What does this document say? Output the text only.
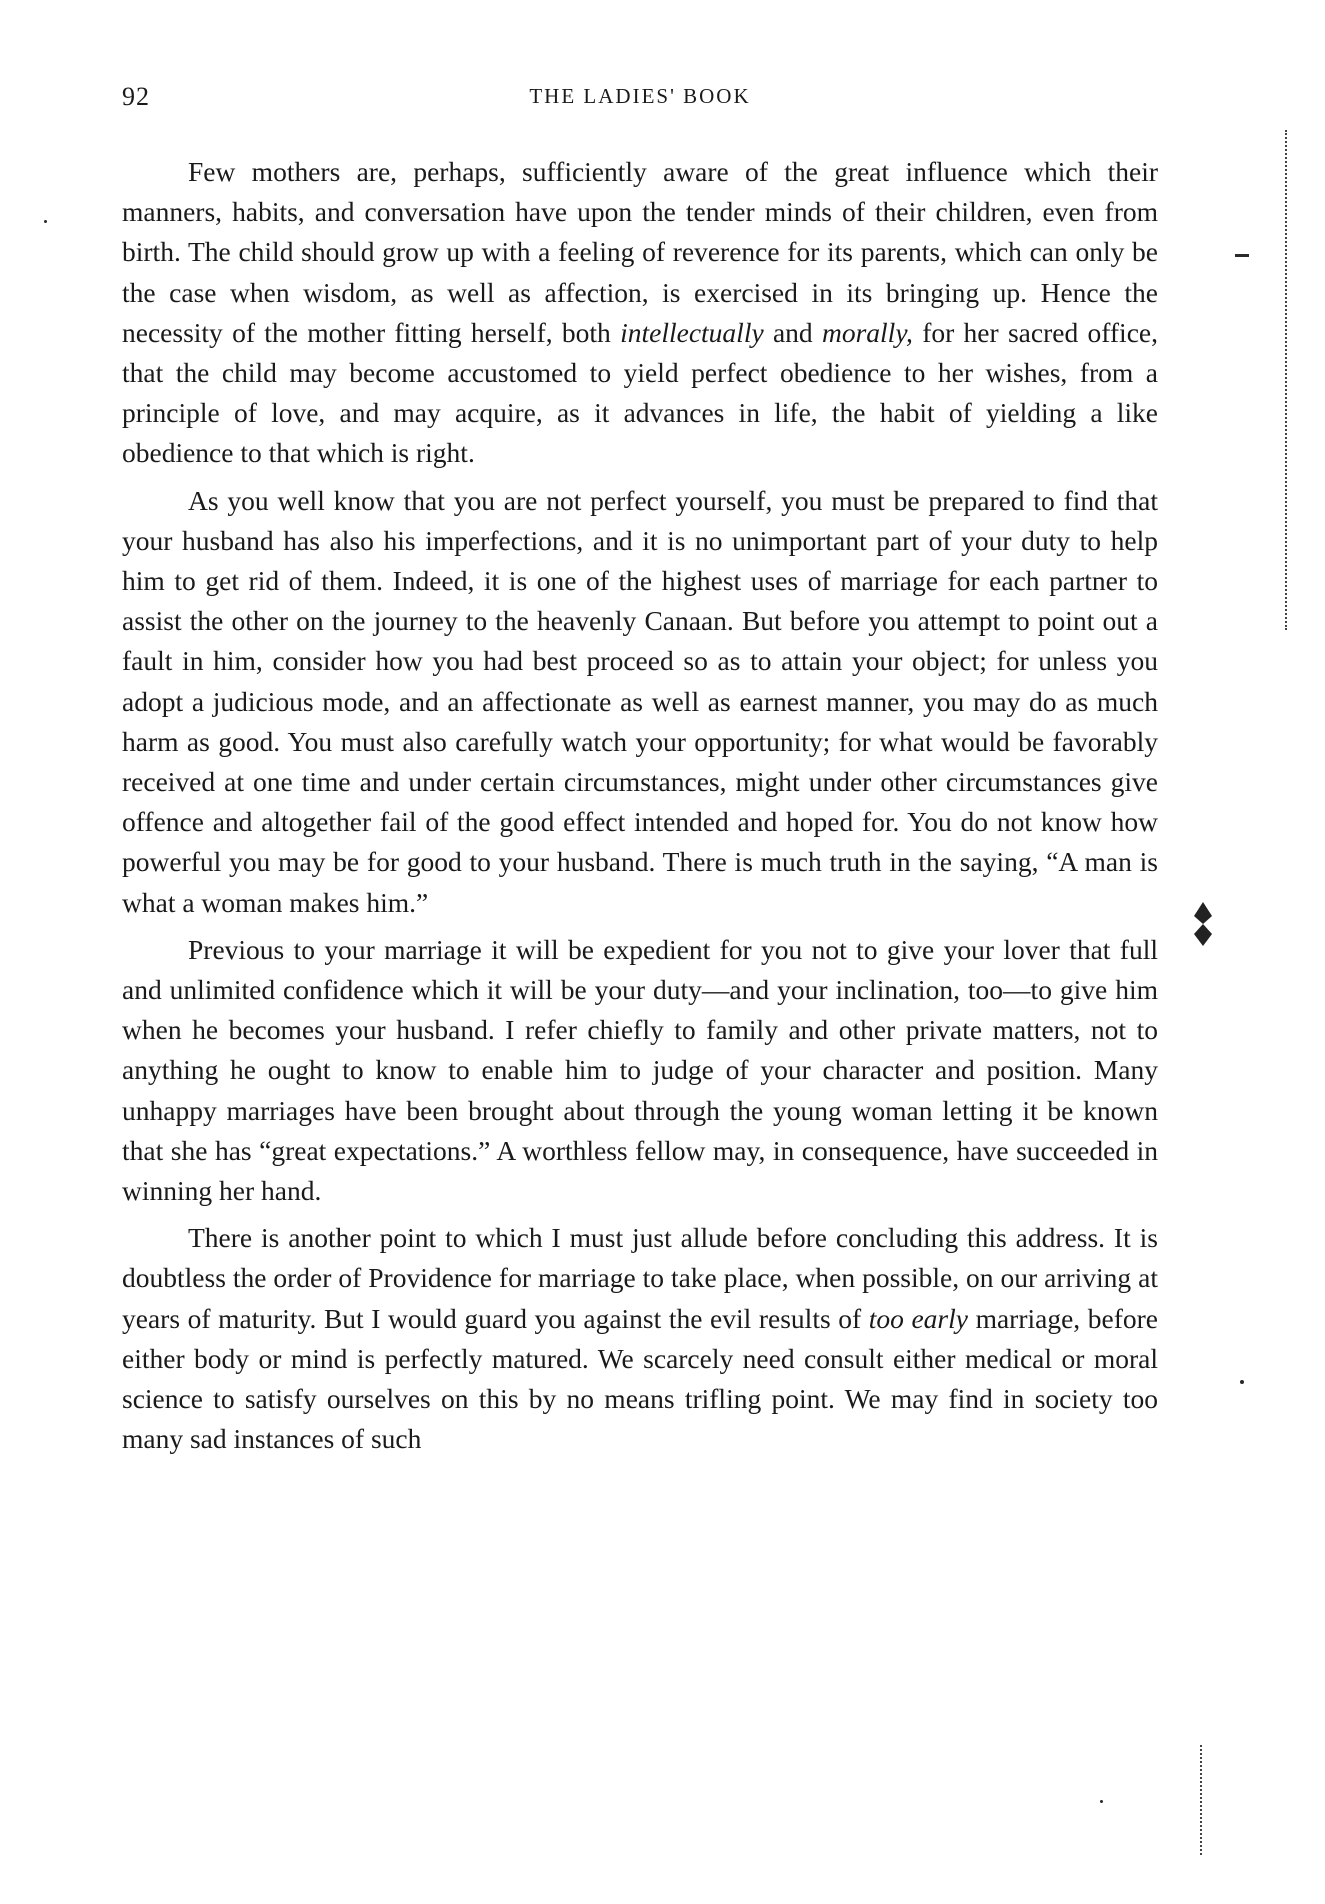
92	THE LADIES' BOOK

Few mothers are, perhaps, sufficiently aware of the great influence which their manners, habits, and conversation have upon the tender minds of their children, even from birth. The child should grow up with a feeling of reverence for its parents, which can only be the case when wisdom, as well as affection, is exercised in its bringing up. Hence the necessity of the mother fitting herself, both intellectually and morally, for her sacred office, that the child may become accustomed to yield perfect obedience to her wishes, from a principle of love, and may acquire, as it advances in life, the habit of yielding a like obedience to that which is right.

As you well know that you are not perfect yourself, you must be prepared to find that your husband has also his imperfections, and it is no unimportant part of your duty to help him to get rid of them. Indeed, it is one of the highest uses of marriage for each partner to assist the other on the journey to the heavenly Canaan. But before you attempt to point out a fault in him, consider how you had best proceed so as to attain your object; for unless you adopt a judicious mode, and an affectionate as well as earnest manner, you may do as much harm as good. You must also carefully watch your opportunity; for what would be favorably received at one time and under certain circumstances, might under other circumstances give offence and altogether fail of the good effect intended and hoped for. You do not know how powerful you may be for good to your husband. There is much truth in the saying, “A man is what a woman makes him.”

Previous to your marriage it will be expedient for you not to give your lover that full and unlimited confidence which it will be your duty—and your inclination, too—to give him when he becomes your husband. I refer chiefly to family and other private matters, not to anything he ought to know to enable him to judge of your character and position. Many unhappy marriages have been brought about through the young woman letting it be known that she has “great expectations.” A worthless fellow may, in consequence, have succeeded in winning her hand.

There is another point to which I must just allude before concluding this address. It is doubtless the order of Providence for marriage to take place, when possible, on our arriving at years of maturity. But I would guard you against the evil results of too early marriage, before either body or mind is perfectly matured. We scarcely need consult either medical or moral science to satisfy ourselves on this by no means trifling point. We may find in society too many sad instances of such
